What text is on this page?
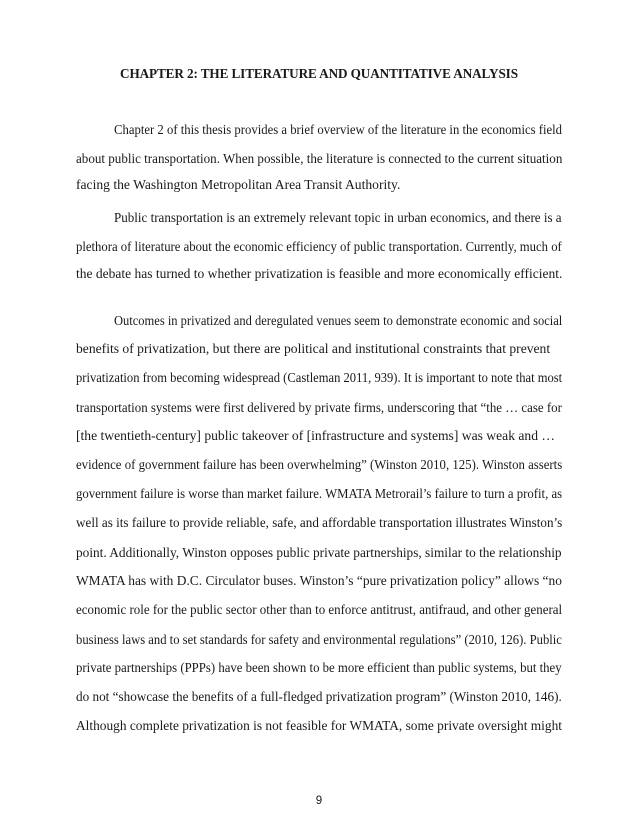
CHAPTER 2: THE LITERATURE AND QUANTITATIVE ANALYSIS
Chapter 2 of this thesis provides a brief overview of the literature in the economics field
about public transportation. When possible, the literature is connected to the current situation
facing the Washington Metropolitan Area Transit Authority.
Public transportation is an extremely relevant topic in urban economics, and there is a
plethora of literature about the economic efficiency of public transportation. Currently, much of
the debate has turned to whether privatization is feasible and more economically efficient.
Outcomes in privatized and deregulated venues seem to demonstrate economic and social
benefits of privatization, but there are political and institutional constraints that prevent
privatization from becoming widespread (Castleman 2011, 939). It is important to note that most
transportation systems were first delivered by private firms, underscoring that “the … case for
[the twentieth-century] public takeover of [infrastructure and systems] was weak and …
evidence of government failure has been overwhelming” (Winston 2010, 125). Winston asserts
government failure is worse than market failure. WMATA Metrorail’s failure to turn a profit, as
well as its failure to provide reliable, safe, and affordable transportation illustrates Winston’s
point. Additionally, Winston opposes public private partnerships, similar to the relationship
WMATA has with D.C. Circulator buses. Winston’s “pure privatization policy” allows “no
economic role for the public sector other than to enforce antitrust, antifraud, and other general
business laws and to set standards for safety and environmental regulations” (2010, 126). Public
private partnerships (PPPs) have been shown to be more efficient than public systems, but they
do not “showcase the benefits of a full-fledged privatization program” (Winston 2010, 146).
Although complete privatization is not feasible for WMATA, some private oversight might
9
